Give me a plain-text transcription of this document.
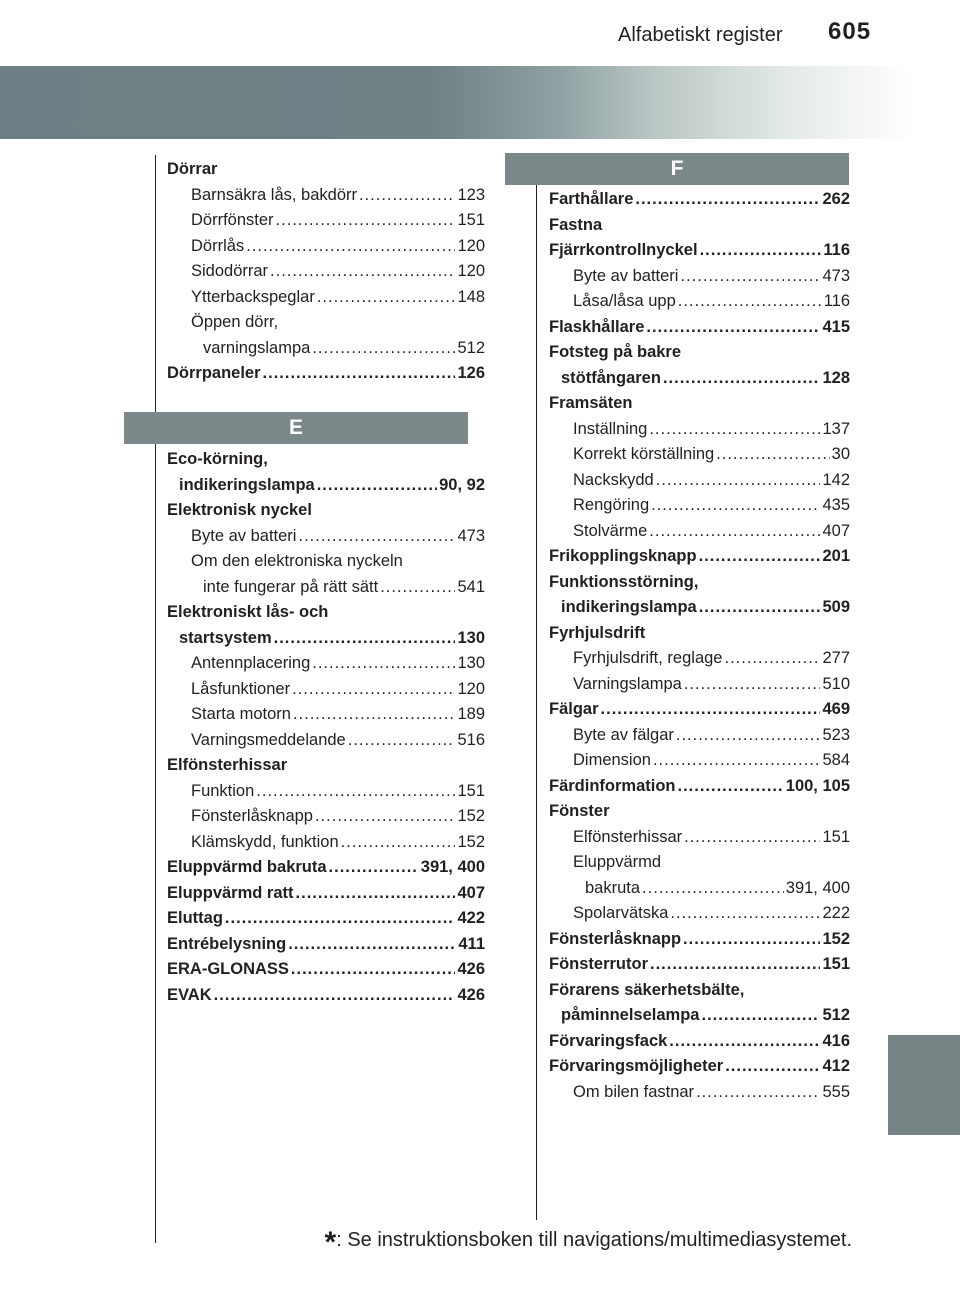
605
Alfabetiskt register
Dörrar
Barnsäkra lås, bakdörr .....	123
Dörrfönster .....	151
Dörrlås .....	120
Sidodörrar .....	120
Ytterbackspeglar .....	148
Öppen dörr,
varningslampa .....	512
Dörrpaneler .....	126
E
Eco-körning,
indikeringslampa .....	90, 92
Elektronisk nyckel
Byte av batteri .....	473
Om den elektroniska nyckeln
inte fungerar på rätt sätt .....	541
Elektroniskt lås- och
startsystem .....	130
Antennplacering .....	130
Låsfunktioner .....	120
Starta motorn .....	189
Varningsmeddelande .....	516
Elfönsterhissar
Funktion .....	151
Fönsterlåsknapp .....	152
Klämskydd, funktion .....	152
Eluppvärmd bakruta .....	391, 400
Eluppvärmd ratt .....	407
Eluttag .....	422
Entrébelysning .....	411
ERA-GLONASS .....	426
EVAK .....	426
F
Farthållare .....	262
Fastna
Fjärrkontrollnyckel .....	116
Byte av batteri .....	473
Låsa/låsa upp .....	116
Flaskhållare .....	415
Fotsteg på bakre
stötfångaren .....	128
Framsäten
Inställning .....	137
Korrekt körställning .....	30
Nackskydd .....	142
Rengöring .....	435
Stolvärme .....	407
Frikopplingsknapp .....	201
Funktionsstörning,
indikeringslampa .....	509
Fyrhjulsdrift
Fyrhjulsdrift, reglage .....	277
Varningslampa .....	510
Fälgar .....	469
Byte av fälgar .....	523
Dimension .....	584
Färdinformation .....	100, 105
Fönster
Elfönsterhissar .....	151
Eluppvärmd
bakruta .....	391, 400
Spolarvätska .....	222
Fönsterlåsknapp .....	152
Fönsterrutor .....	151
Förarens säkerhetsbälte,
påminnelselampa .....	512
Förvaringsfack .....	416
Förvaringsmöjligheter .....	412
Om bilen fastnar .....	555
*: Se instruktionsboken till navigations/multimediasystemet.
